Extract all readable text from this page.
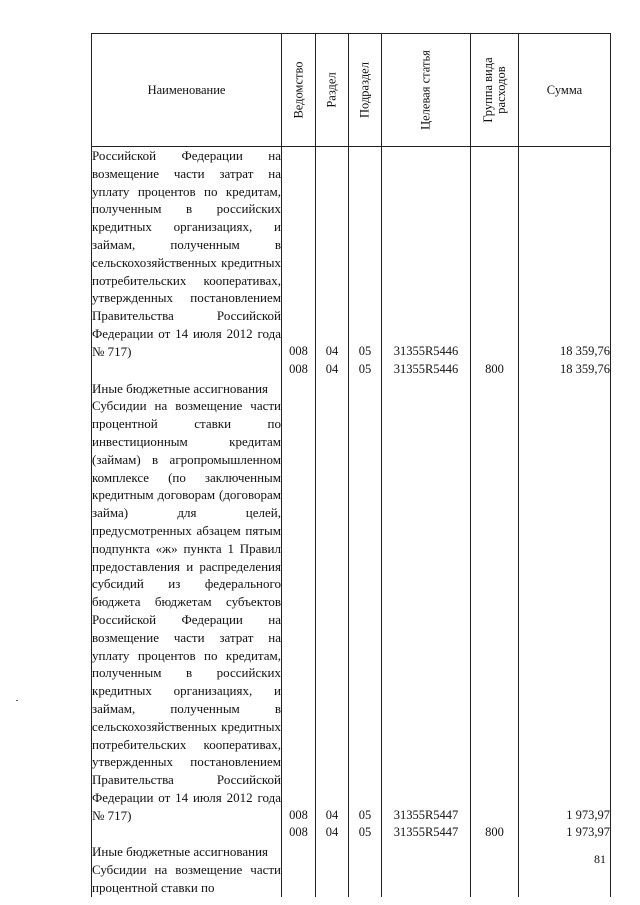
Наименование	Ведомство	Раздел	Подраздел	Целевая статья	Группа вида расходов	Сумма
Российской Федерации на возмещение части затрат на уплату процентов по кредитам, полученным в российских кредитных организациях, и займам, полученным в сельскохозяйственных кредитных потребительских кооперативах, утвержденных постановлением Правительства Российской Федерации от 14 июля 2012 года № 717)	008	04	05	31355R5446		18 359,76
Иные бюджетные ассигнования	008	04	05	31355R5446	800	18 359,76
Субсидии на возмещение части процентной ставки по инвестиционным кредитам (займам) в агропромышленном комплексе (по заключенным кредитным договорам (договорам займа) для целей, предусмотренных абзацем пятым подпункта «ж» пункта 1 Правил предоставления и распределения субсидий из федерального бюджета бюджетам субъектов Российской Федерации на возмещение части затрат на уплату процентов по кредитам, полученным в российских кредитных организациях, и займам, полученным в сельскохозяйственных кредитных потребительских кооперативах, утвержденных постановлением Правительства Российской Федерации от 14 июля 2012 года № 717)	008	04	05	31355R5447		1 973,97
Иные бюджетные ассигнования	008	04	05	31355R5447	800	1 973,97
Субсидии на возмещение части процентной ставки по						
81
